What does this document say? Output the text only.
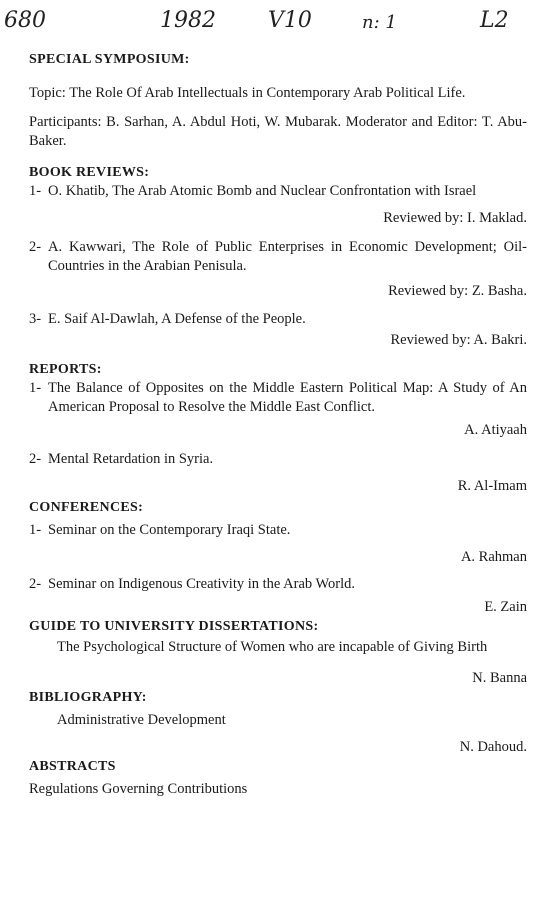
680	1982 V10	n: 1	L2

SPECIAL SYMPOSIUM:

Topic: The Role Of Arab Intellectuals in Contemporary Arab Political Life.

Participants: B. Sarhan, A. Abdul Hoti, W. Mubarak. Moderator and Editor: T. Abu-Baker.

BOOK REVIEWS:

1- O. Khatib, The Arab Atomic Bomb and Nuclear Confrontation with Israel

Reviewed by: I. Maklad.

2- A. Kawwari, The Role of Public Enterprises in Economic Development; Oil-Countries in the Arabian Penisula.

Reviewed by: Z. Basha.

3- E. Saif Al-Dawlah, A Defense of the People.

Reviewed by: A. Bakri.

REPORTS:

1- The Balance of Opposites on the Middle Eastern Political Map: A Study of An American Proposal to Resolve the Middle East Conflict.

A. Atiyaah

2- Mental Retardation in Syria.

R. Al-Imam

CONFERENCES:

1- Seminar on the Contemporary Iraqi State.

A. Rahman

2- Seminar on Indigenous Creativity in the Arab World.

E. Zain

GUIDE TO UNIVERSITY DISSERTATIONS:

The Psychological Structure of Women who are incapable of Giving Birth

N. Banna

BIBLIOGRAPHY:

Administrative Development

N. Dahoud.

ABSTRACTS

Regulations Governing Contributions
